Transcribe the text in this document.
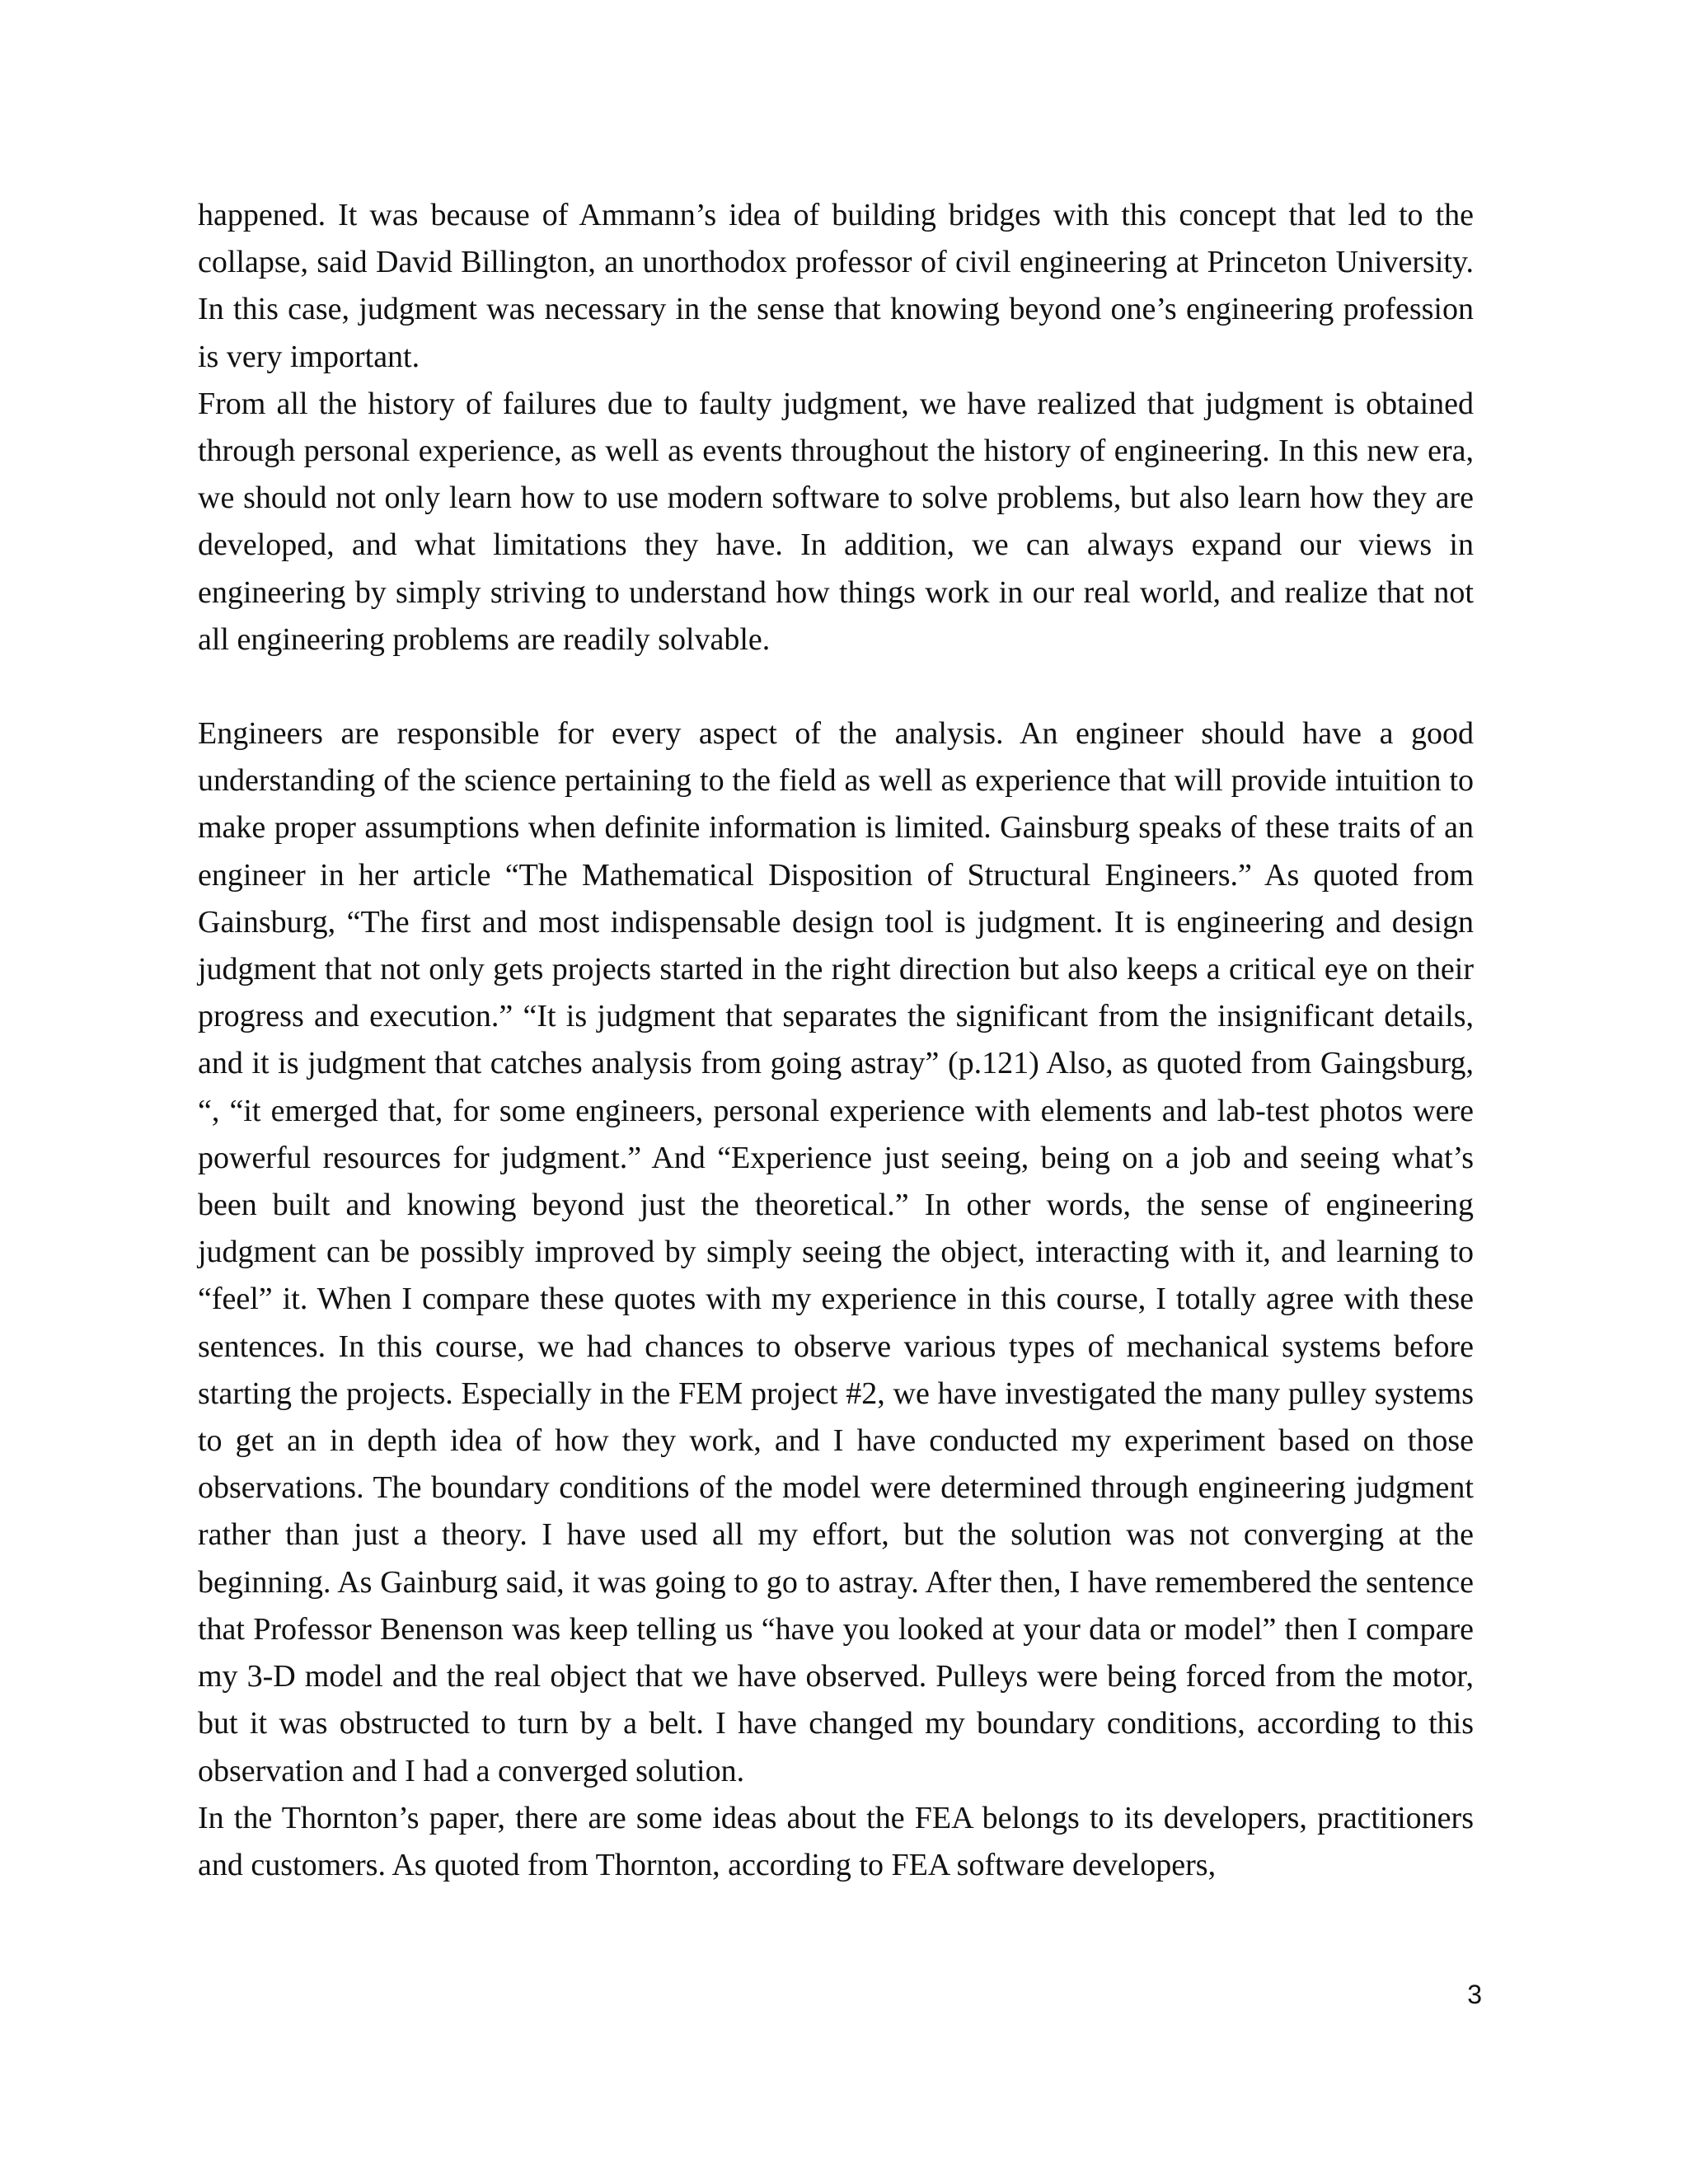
happened. It was because of Ammann’s idea of building bridges with this concept that led to the collapse, said David Billington, an unorthodox professor of civil engineering at Princeton University. In this case, judgment was necessary in the sense that knowing beyond one’s engineering profession is very important.

From all the history of failures due to faulty judgment, we have realized that judgment is obtained through personal experience, as well as events throughout the history of engineering. In this new era, we should not only learn how to use modern software to solve problems, but also learn how they are developed, and what limitations they have. In addition, we can always expand our views in engineering by simply striving to understand how things work in our real world, and realize that not all engineering problems are readily solvable.

Engineers are responsible for every aspect of the analysis. An engineer should have a good understanding of the science pertaining to the field as well as experience that will provide intuition to make proper assumptions when definite information is limited. Gainsburg speaks of these traits of an engineer in her article “The Mathematical Disposition of Structural Engineers.” As quoted from Gainsburg, “The first and most indispensable design tool is judgment. It is engineering and design judgment that not only gets projects started in the right direction but also keeps a critical eye on their progress and execution.” “It is judgment that separates the significant from the insignificant details, and it is judgment that catches analysis from going astray” (p.121) Also, as quoted from Gaingsburg, “, “it emerged that, for some engineers, personal experience with elements and lab-test photos were powerful resources for judgment.” And “Experience just seeing, being on a job and seeing what’s been built and knowing beyond just the theoretical.” In other words, the sense of engineering judgment can be possibly improved by simply seeing the object, interacting with it, and learning to “feel” it. When I compare these quotes with my experience in this course, I totally agree with these sentences. In this course, we had chances to observe various types of mechanical systems before starting the projects. Especially in the FEM project #2, we have investigated the many pulley systems to get an in depth idea of how they work, and I have conducted my experiment based on those observations. The boundary conditions of the model were determined through engineering judgment rather than just a theory. I have used all my effort, but the solution was not converging at the beginning. As Gainburg said, it was going to go to astray. After then, I have remembered the sentence that Professor Benenson was keep telling us “have you looked at your data or model” then I compare my 3-D model and the real object that we have observed. Pulleys were being forced from the motor, but it was obstructed to turn by a belt. I have changed my boundary conditions, according to this observation and I had a converged solution.

In the Thornton’s paper, there are some ideas about the FEA belongs to its developers, practitioners and customers. As quoted from Thornton, according to FEA software developers,

3
